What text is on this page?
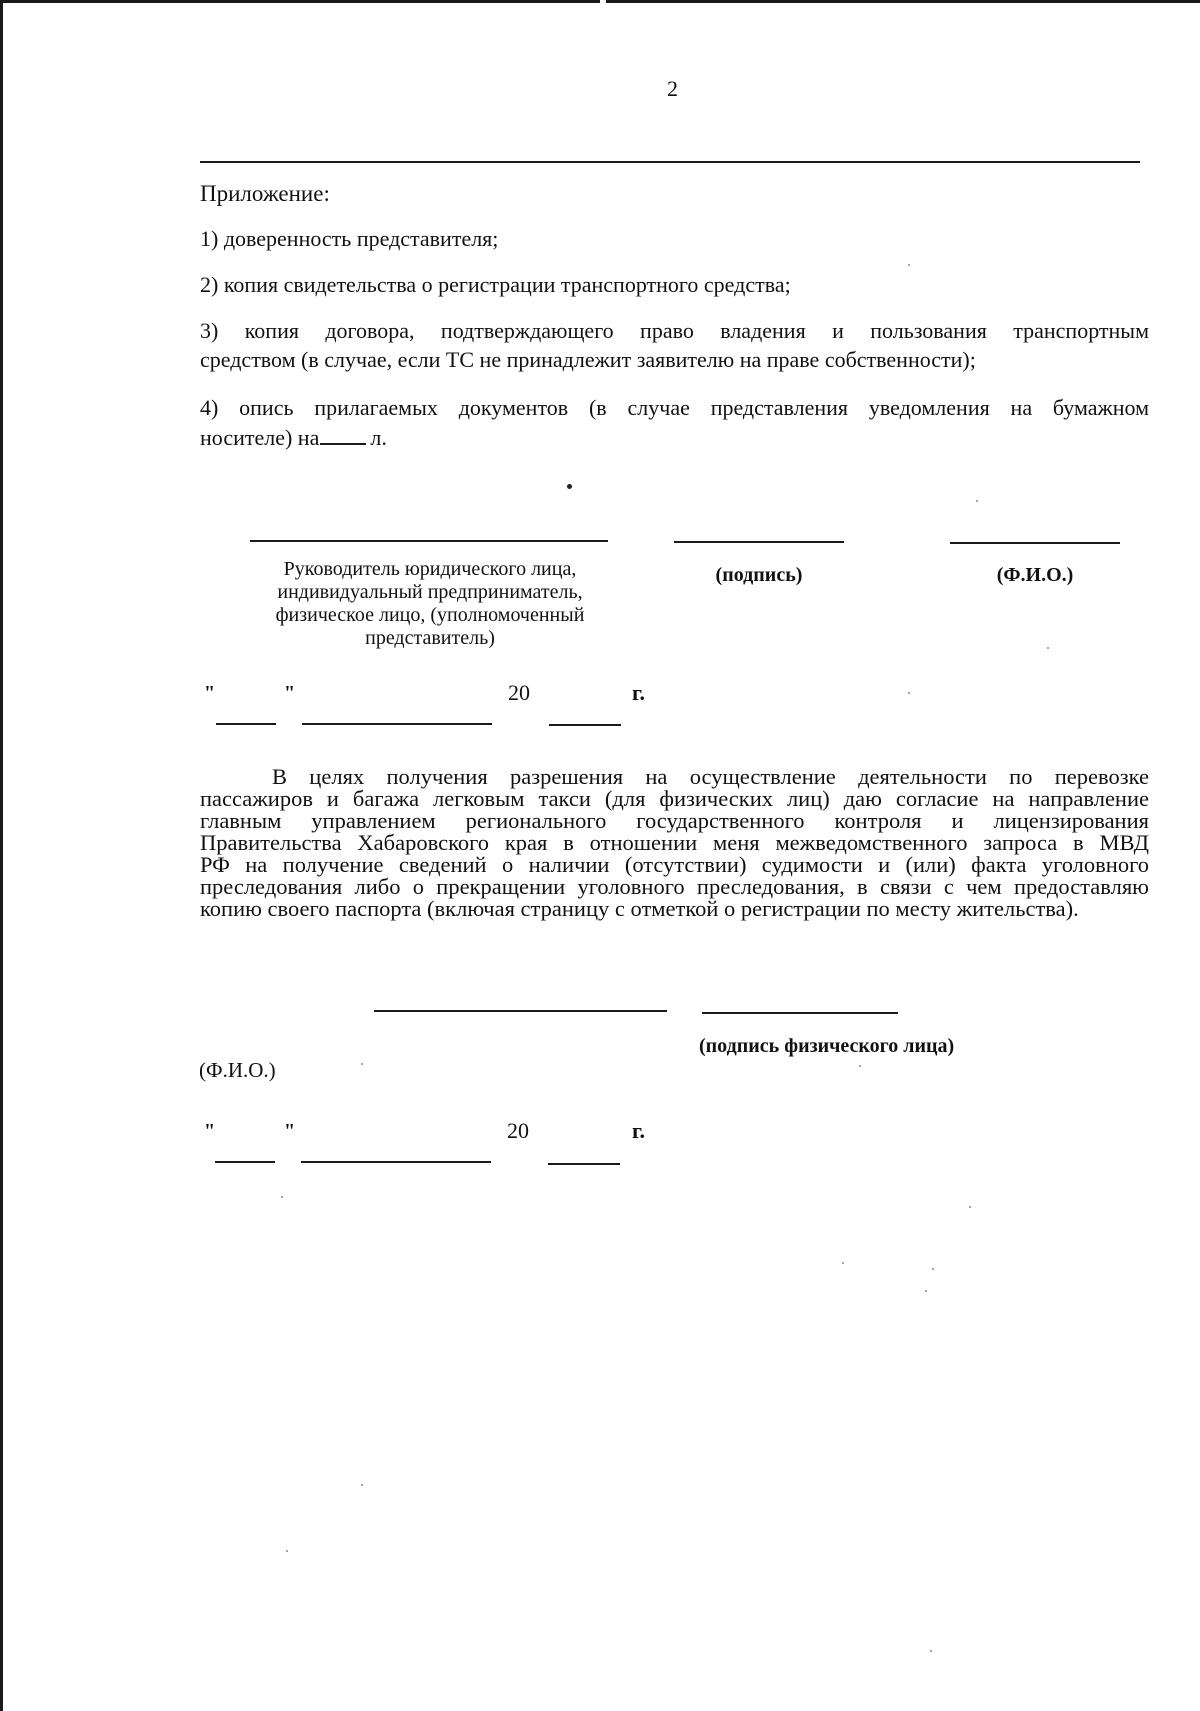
2
Приложение:
1) доверенность представителя;
2) копия свидетельства о регистрации транспортного средства;
3) копия договора, подтверждающего право владения и пользования транспортным
средством (в случае, если ТС не принадлежит заявителю на праве собственности);
4) опись прилагаемых документов (в случае представления уведомления на бумажном
носителе) на л.
Руководитель юридического лица,
индивидуальный предприниматель,
физическое лицо, (уполномоченный
представитель)
(подпись)	(Ф.И.О.)
"	"	20	г.
В целях получения разрешения на осуществление деятельности по перевозке
пассажиров и багажа легковым такси (для физических лиц) даю согласие на направление
главным управлением регионального государственного контроля и лицензирования
Правительства Хабаровского края в отношении меня межведомственного запроса в МВД
РФ на получение сведений о наличии (отсутствии) судимости и (или) факта уголовного
преследования либо о прекращении уголовного преследования, в связи с чем предоставляю
копию своего паспорта (включая страницу с отметкой о регистрации по месту жительства).
(подпись физического лица)
(Ф.И.О.)
"	"	20	г.
